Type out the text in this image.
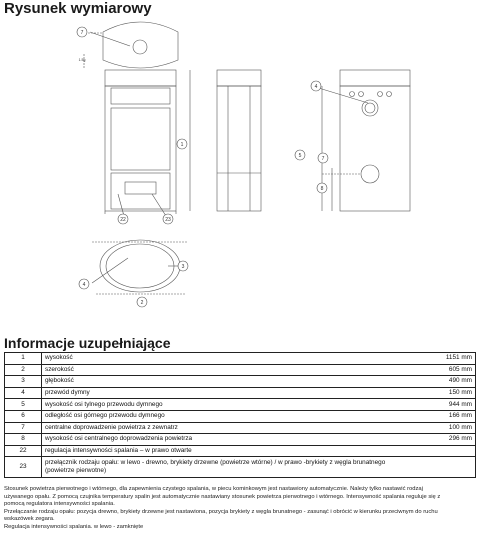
Rysunek wymiarowy
7
1.5g
1
22	23
4
5	7
8
4
3
2
Informacje uzupełniające
1	wysokość	1151 mm
2	szerokość	605 mm
3	głębokość	490 mm
4	przewód dymny	150 mm
5	wysokość osi tylnego przewodu dymnego	944 mm
6	odległość osi górnego przewodu dymnego	166 mm
7	centralne doprowadzenie powietrza z zewnatrz	100 mm
8	wysokość osi centralnego doprowadzenia powietrza	296 mm
22	regulacja intensywności spalania – w prawo otwarte	
23	przełącznik rodzaju opału: w lewo - drewno, brykiety drzewne (powietrze wtórne) / w prawo -brykiety z węgla brunatnego
(powietrze pierwotne)	

Stosunek powietrza pierwotnego i wtórnego, dla zapewnienia czystego spalania, w piecu kominkowym jest nastawiony automatycznie. Należy tylko nastawić rodzaj

używanego opału. Z pomocą czujnika temperatury spalin jest automatycznie nastawiany stosunek powietrza pierwotnego i wtórnego. Intensywność spalania reguluje się z

pomocą regulatora intensywności spalania.

Przełączanie rodzaju opału: pozycja drewno, brykiety drzewne jest nastawiona, pozycja brykiety z węgla brunatnego - zasunąć i obrócić w kierunku przeciwnym do ruchu

wskazówek zegara.

Regulacja intensywności spalania. w lewo - zamknięte
